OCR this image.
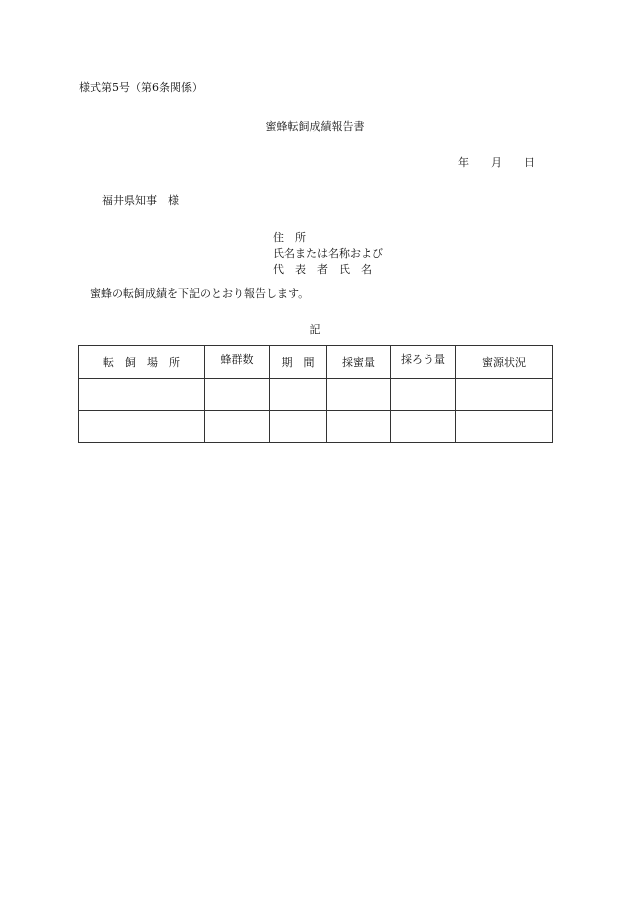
様式第5号（第6条関係）
蜜蜂転飼成績報告書
年 月 日
福井県知事　様
住　所
氏名または名称および
代　表　者　氏　名
蜜蜂の転飼成績を下記のとおり報告します。
記
転　飼　場　所	蜂群数	期　間	採蜜量	採ろう量	蜜源状況
